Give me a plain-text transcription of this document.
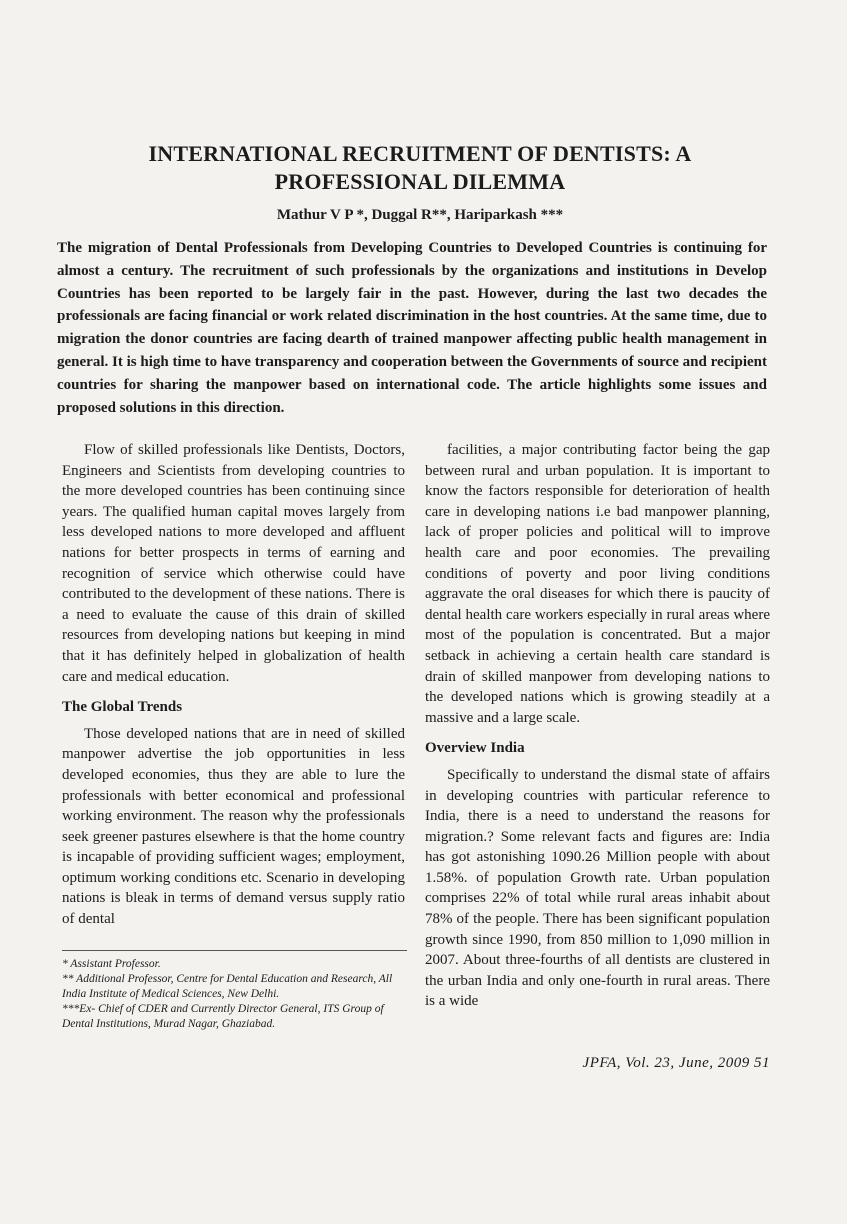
INTERNATIONAL RECRUITMENT OF DENTISTS: A
PROFESSIONAL DILEMMA
Mathur V P *, Duggal R**, Hariparkash ***
The migration of Dental Professionals from Developing Countries to Developed Countries is continuing for almost a century. The recruitment of such professionals by the organizations and institutions in Develop Countries has been reported to be largely fair in the past. However, during the last two decades the professionals are facing financial or work related discrimination in the host countries. At the same time, due to migration the donor countries are facing dearth of trained manpower affecting public health management in general. It is high time to have transparency and cooperation between the Governments of source and recipient countries for sharing the manpower based on international code. The article highlights some issues and proposed solutions in this direction.

Flow of skilled professionals like Dentists, Doctors, Engineers and Scientists from developing countries to the more developed countries has been continuing since years. The qualified human capital moves largely from less developed nations to more developed and affluent nations for better prospects in terms of earning and recognition of service which otherwise could have contributed to the development of these nations. There is a need to evaluate the cause of this drain of skilled resources from developing nations but keeping in mind that it has definitely helped in globalization of health care and medical education.

The Global Trends

Those developed nations that are in need of skilled manpower advertise the job opportunities in less developed economies, thus they are able to lure the professionals with better economical and professional working environment. The reason why the professionals seek greener pastures elsewhere is that the home country is incapable of providing sufficient wages; employment, optimum working conditions etc. Scenario in developing nations is bleak in terms of demand versus supply ratio of dental

facilities, a major contributing factor being the gap between rural and urban population. It is important to know the factors responsible for deterioration of health care in developing nations i.e bad manpower planning, lack of proper policies and political will to improve health care and poor economies. The prevailing conditions of poverty and poor living conditions aggravate the oral diseases for which there is paucity of dental health care workers especially in rural areas where most of the population is concentrated. But a major setback in achieving a certain health care standard is drain of skilled manpower from developing nations to the developed nations which is growing steadily at a massive and a large scale.

Overview India

Specifically to understand the dismal state of affairs in developing countries with particular reference to India, there is a need to understand the reasons for migration.? Some relevant facts and figures are: India has got astonishing 1090.26 Million people with about 1.58%. of population Growth rate. Urban population comprises 22% of total while rural areas inhabit about 78% of the people. There has been significant population growth since 1990, from 850 million to 1,090 million in 2007. About three-fourths of all dentists are clustered in the urban India and only one-fourth in rural areas. There is a wide

* Assistant Professor.
** Additional Professor, Centre for Dental Education and Research, All India Institute of Medical Sciences, New Delhi.
***Ex- Chief of CDER and Currently Director General, ITS Group of Dental Institutions, Murad Nagar, Ghaziabad.
JPFA, Vol. 23, June, 2009 51
